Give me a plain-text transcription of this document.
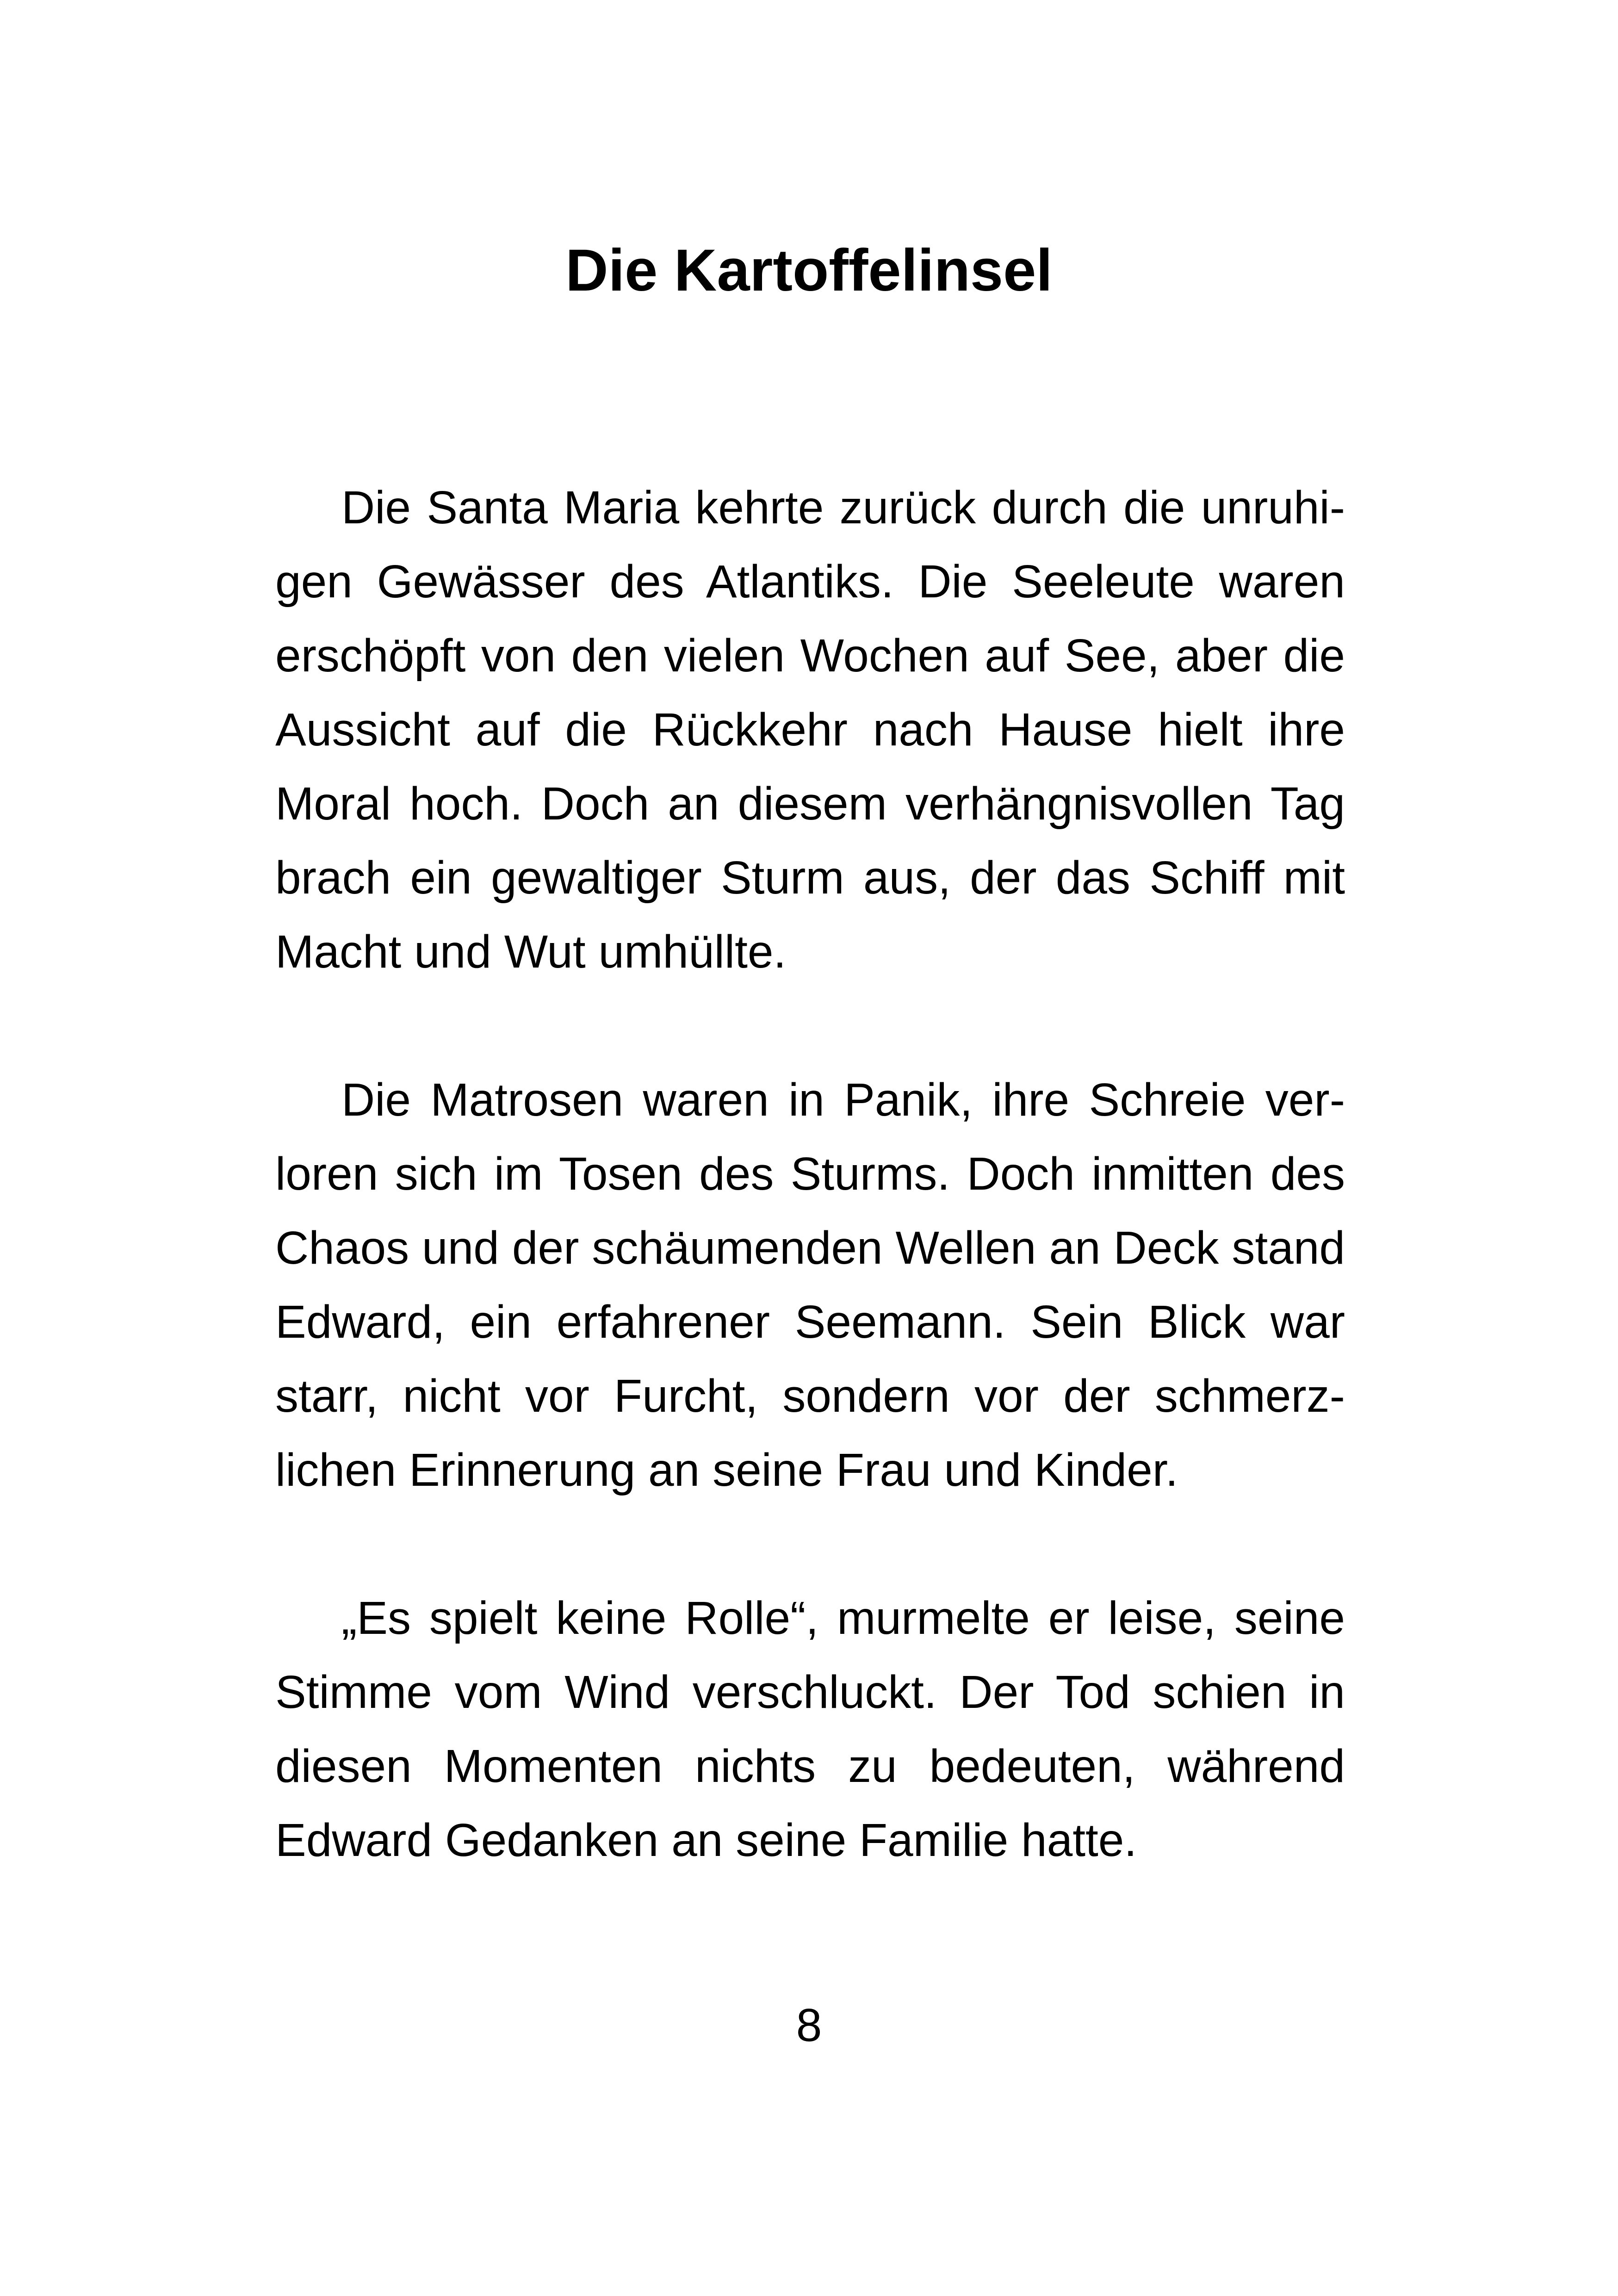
Die Kartoffelinsel
Die Santa Maria kehrte zurück durch die unruhi-
gen Gewässer des Atlantiks. Die Seeleute waren
erschöpft von den vielen Wochen auf See, aber die
Aussicht auf die Rückkehr nach Hause hielt ihre
Moral hoch. Doch an diesem verhängnisvollen Tag
brach ein gewaltiger Sturm aus, der das Schiff mit
Macht und Wut umhüllte.
Die Matrosen waren in Panik, ihre Schreie ver-
loren sich im Tosen des Sturms. Doch inmitten des
Chaos und der schäumenden Wellen an Deck stand
Edward, ein erfahrener Seemann. Sein Blick war
starr, nicht vor Furcht, sondern vor der schmerz-
lichen Erinnerung an seine Frau und Kinder.
„Es spielt keine Rolle“, murmelte er leise, seine
Stimme vom Wind verschluckt. Der Tod schien in
diesen Momenten nichts zu bedeuten, während
Edward Gedanken an seine Familie hatte.
8
